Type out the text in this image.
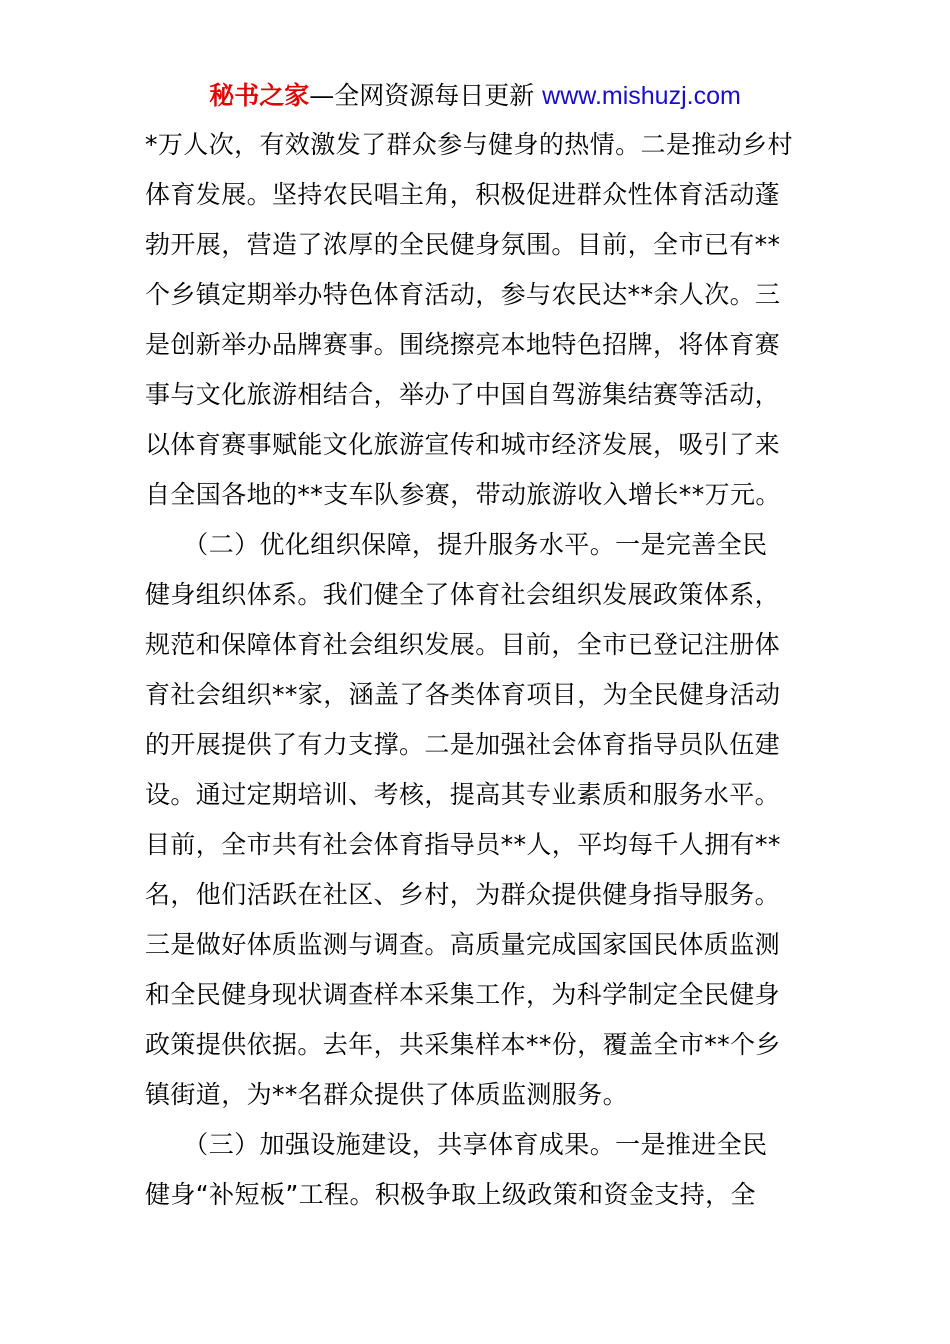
秘书之家—全网资源每日更新 www.mishuzj.com
*万人次，有效激发了群众参与健身的热情。二是推动乡村
体育发展。坚持农民唱主角，积极促进群众性体育活动蓬
勃开展，营造了浓厚的全民健身氛围。目前，全市已有**
个乡镇定期举办特色体育活动，参与农民达**余人次。三
是创新举办品牌赛事。围绕擦亮本地特色招牌，将体育赛
事与文化旅游相结合，举办了中国自驾游集结赛等活动，
以体育赛事赋能文化旅游宣传和城市经济发展，吸引了来
自全国各地的**支车队参赛，带动旅游收入增长**万元。
　　（二）优化组织保障，提升服务水平。一是完善全民
健身组织体系。我们健全了体育社会组织发展政策体系，
规范和保障体育社会组织发展。目前，全市已登记注册体
育社会组织**家，涵盖了各类体育项目，为全民健身活动
的开展提供了有力支撑。二是加强社会体育指导员队伍建
设。通过定期培训、考核，提高其专业素质和服务水平。
目前，全市共有社会体育指导员**人，平均每千人拥有**
名，他们活跃在社区、乡村，为群众提供健身指导服务。
三是做好体质监测与调查。高质量完成国家国民体质监测
和全民健身现状调查样本采集工作，为科学制定全民健身
政策提供依据。去年，共采集样本**份，覆盖全市**个乡
镇街道，为**名群众提供了体质监测服务。
　　（三）加强设施建设，共享体育成果。一是推进全民
健身“补短板”工程。积极争取上级政策和资金支持，全
